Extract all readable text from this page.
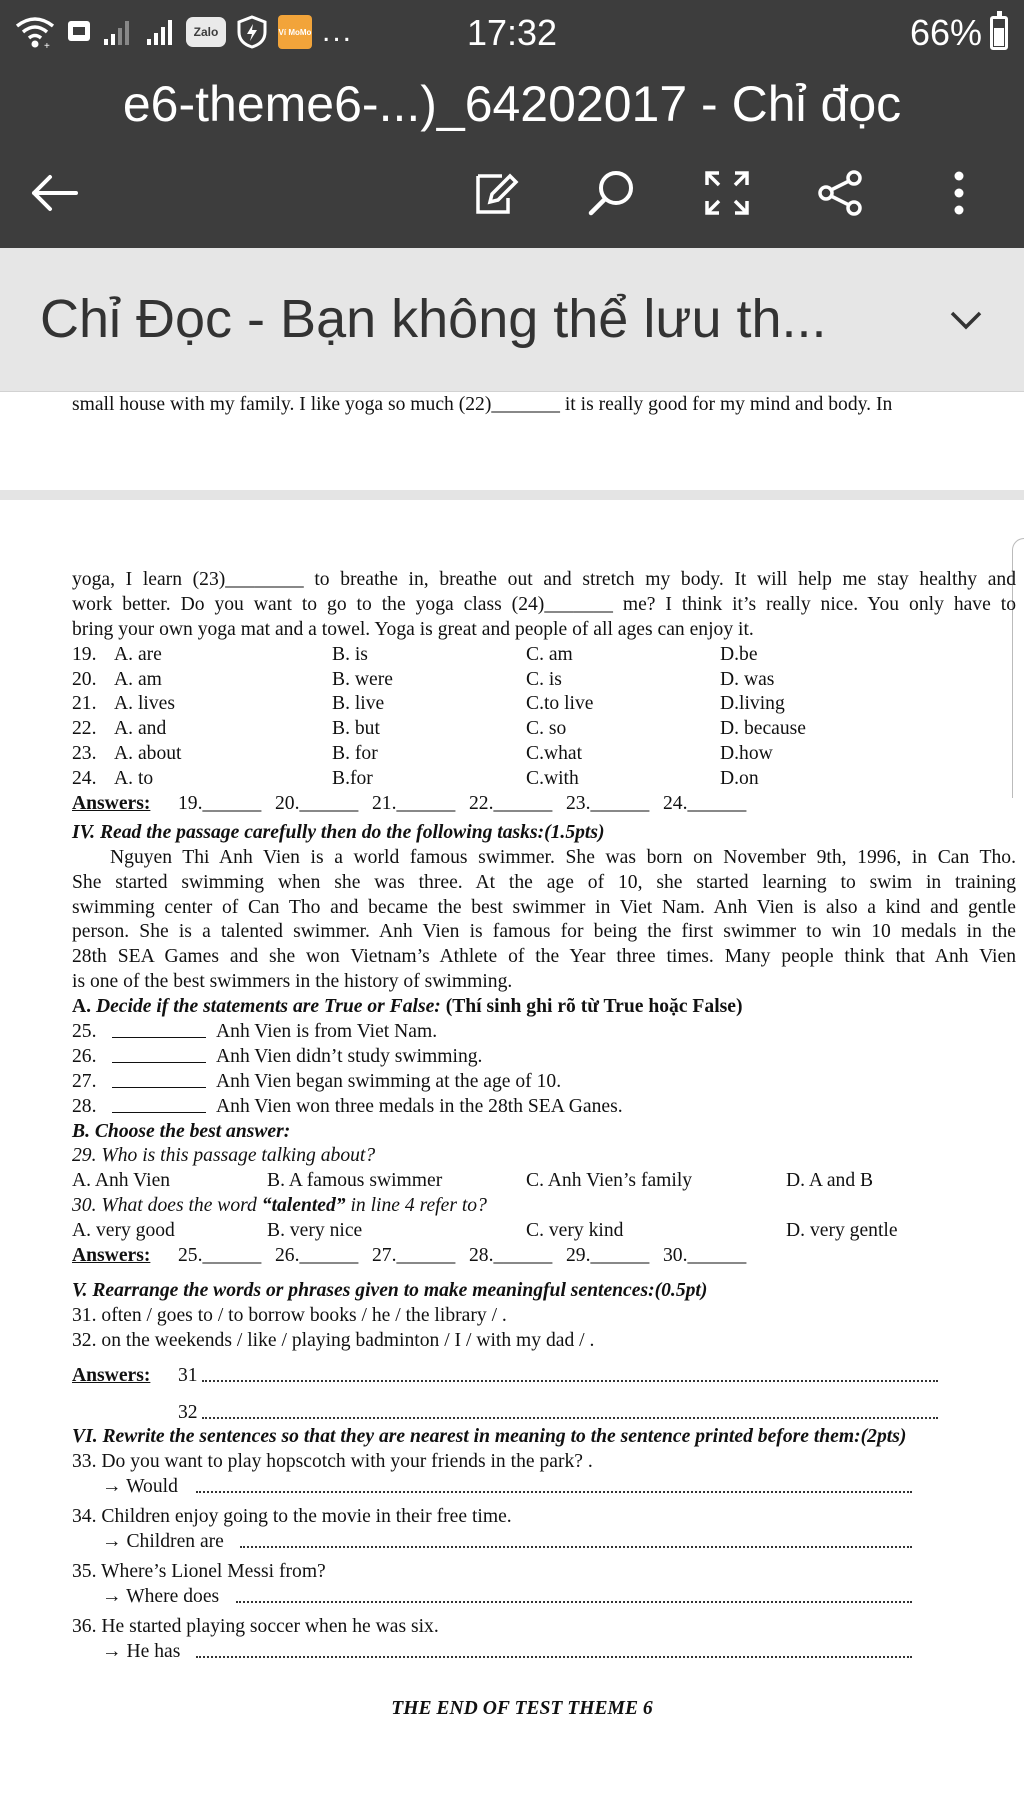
+
Zalo	Ví MoMo ...	17:32	66%
e6-theme6-...)_64202017 - Chỉ đọc
Chỉ Đọc - Bạn không thể lưu th...
small house with my family. I like yoga so much (22)_______ it is really good for my mind and body. In
yoga, I learn (23)________ to breathe in, breathe out and stretch my body. It will help me stay healthy and
work better. Do you want to go to the yoga class (24)_______ me? I think it’s really nice. You only have to
bring your own yoga mat and a towel. Yoga is great and people of all ages can enjoy it.
19. A. are	B. is	C. am	D.be
20. A. am	B. were	C. is	D. was
21. A. lives	B. live	C.to live	D.living
22. A. and	B. but	C. so	D. because
23. A. about	B. for	C.what	D.how
24. A. to	B.for	C.with	D.on
Answers: 19.______ 20.______ 21.______ 22.______ 23.______ 24.______
IV. Read the passage carefully then do the following tasks:(1.5pts)
Nguyen Thi Anh Vien is a world famous swimmer. She was born on November 9th, 1996, in Can Tho.
She started swimming when she was three. At the age of 10, she started learning to swim in training
swimming center of Can Tho and became the best swimmer in Viet Nam. Anh Vien is also a kind and gentle
person. She is a talented swimmer. Anh Vien is famous for being the first swimmer to win 10 medals in the
28th SEA Games and she won Vietnam’s Athlete of the Year three times. Many people think that Anh Vien
is one of the best swimmers in the history of swimming.
A. Decide if the statements are True or False: (Thí sinh ghi rõ từ True hoặc False)
25.	Anh Vien is from Viet Nam.
26.	Anh Vien didn’t study swimming.
27.	Anh Vien began swimming at the age of 10.
28.	Anh Vien won three medals in the 28th SEA Ganes.
B. Choose the best answer:
29. Who is this passage talking about?
A. Anh Vien	B. A famous swimmer	C. Anh Vien’s family	D. A and B
30. What does the word “talented” in line 4 refer to?
A. very good	B. very nice	C. very kind	D. very gentle
Answers: 25.______ 26.______ 27.______ 28.______ 29.______ 30.______
V. Rearrange the words or phrases given to make meaningful sentences:(0.5pt)
31. often / goes to / to borrow books / he / the library / .
32. on the weekends / like / playing badminton / I / with my dad / .
Answers: 31
32
VI. Rewrite the sentences so that they are nearest in meaning to the sentence printed before them:(2pts)
33. Do you want to play hopscotch with your friends in the park? .
→ Would
34. Children enjoy going to the movie in their free time.
→ Children are
35. Where’s Lionel Messi from?
→ Where does
36. He started playing soccer when he was six.
→ He has
THE END OF TEST THEME 6
